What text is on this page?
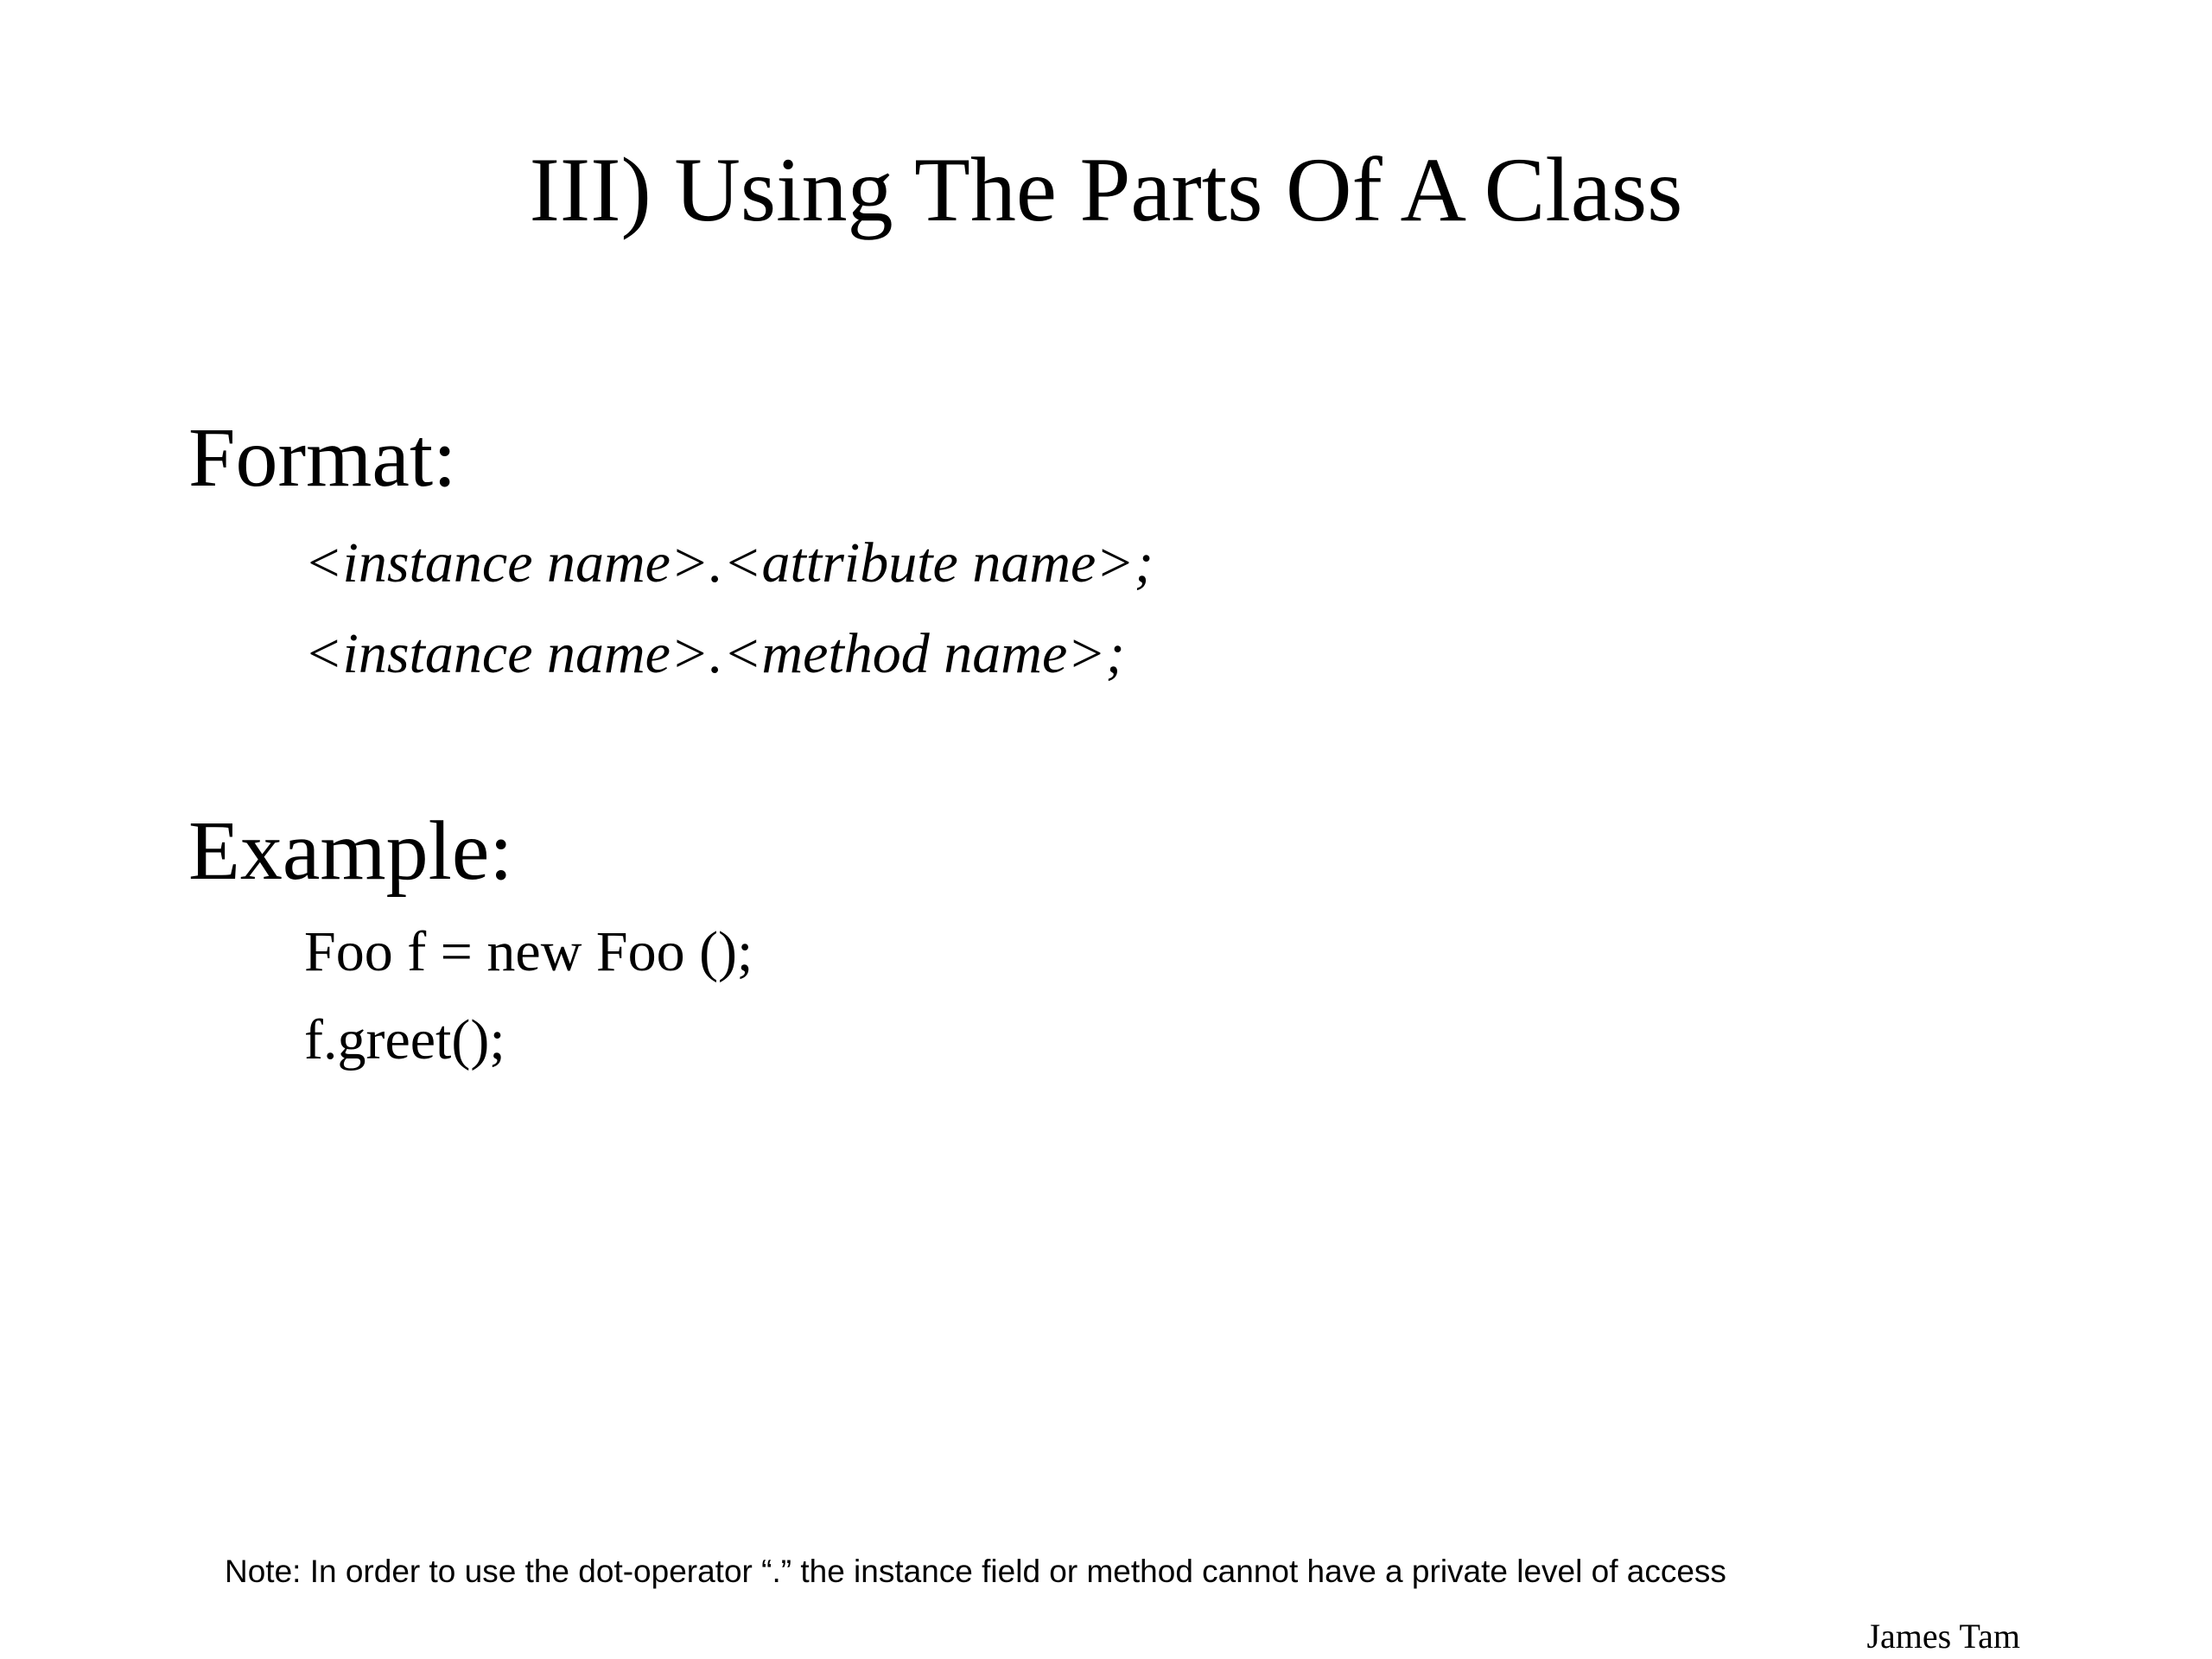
III) Using The Parts Of A Class
Format:
<instance name>.<attribute name>;
<instance name>.<method name>;
Example:
Foo f = new Foo ();
f.greet();
Note: In order to use the dot-operator “.” the instance field or method cannot have a private level of access
James Tam
